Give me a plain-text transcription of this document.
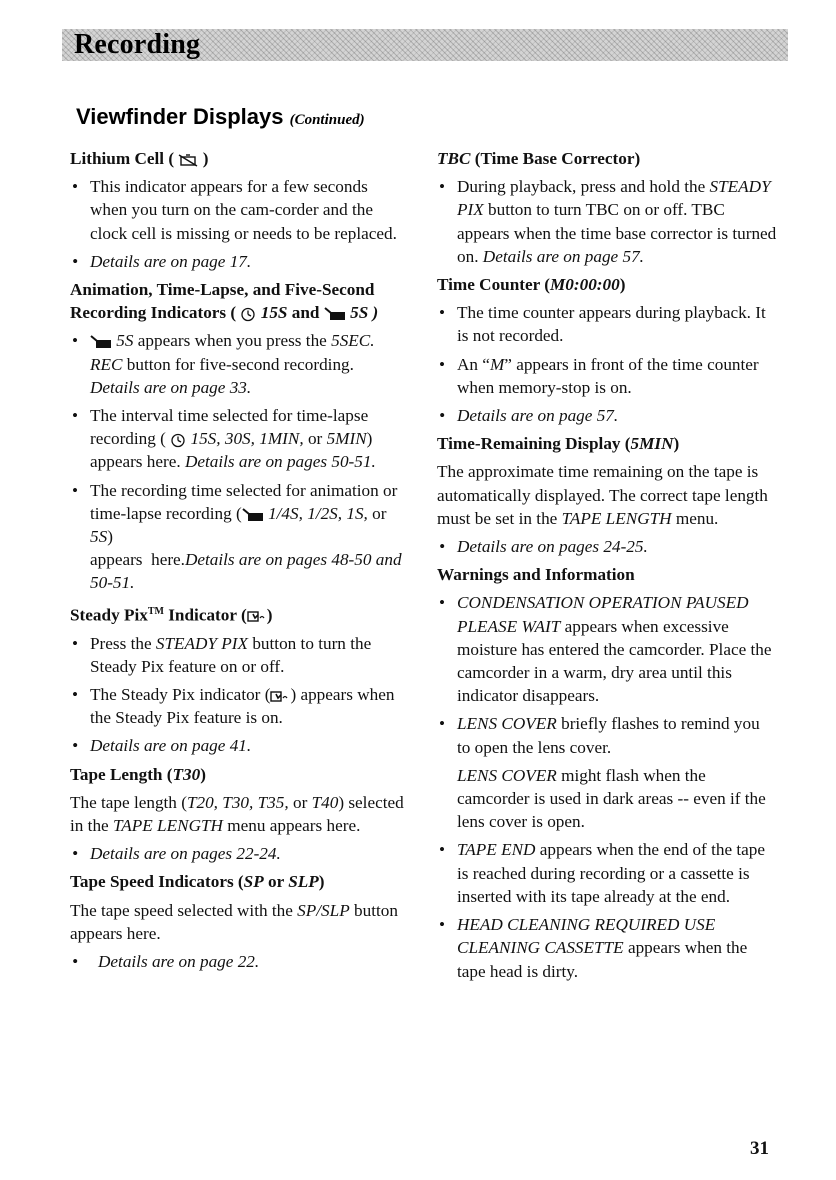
Recording
Viewfinder Displays (Continued)
Lithium Cell ( )
• This indicator appears for a few seconds when you turn on the cam-corder and the clock cell is missing or needs to be replaced.
• Details are on page 17.
Animation, Time-Lapse, and Five-Second Recording Indicators ( 15S and 5S )
• 5S appears when you press the 5SEC. REC button for five-second recording. Details are on page 33.
• The interval time selected for time-lapse recording ( 15S, 30S, 1MIN, or 5MIN) appears here. Details are on pages 50-51.
• The recording time selected for animation or time-lapse recording ( 1/4S, 1/2S, 1S, or 5S)
appears here.Details are on pages 48-50 and 50-51.
Steady Pix™ Indicator ( )
• Press the STEADY PIX button to turn the Steady Pix feature on or off.
• The Steady Pix indicator ( ) appears when the Steady Pix feature is on.
• Details are on page 41.
Tape Length (T30)

The tape length (T20, T30, T35, or T40) selected in the TAPE LENGTH menu appears here.

• Details are on pages 22-24.
Tape Speed Indicators (SP or SLP)

The tape speed selected with the SP/SLP button appears here.

• Details are on page 22.
TBC (Time Base Corrector)
• During playback, press and hold the STEADY PIX button to turn TBC on or off. TBC appears when the time base corrector is turned on. Details are on page 57.
Time Counter (M0:00:00)
• The time counter appears during playback. It is not recorded.
• An “M” appears in front of the time counter when memory-stop is on.
• Details are on page 57.
Time-Remaining Display (5MIN)

The approximate time remaining on the tape is automatically displayed. The correct tape length must be set in the TAPE LENGTH menu.

• Details are on pages 24-25.
Warnings and Information
• CONDENSATION OPERATION PAUSED PLEASE WAIT appears when excessive moisture has entered the camcorder. Place the camcorder in a warm, dry area until this indicator disappears.
• LENS COVER briefly flashes to remind you to open the lens cover.
LENS COVER might flash when the camcorder is used in dark areas -- even if the lens cover is open.
• TAPE END appears when the end of the tape is reached during recording or a cassette is inserted with its tape already at the end.
• HEAD CLEANING REQUIRED USE CLEANING CASSETTE appears when the tape head is dirty.
31
